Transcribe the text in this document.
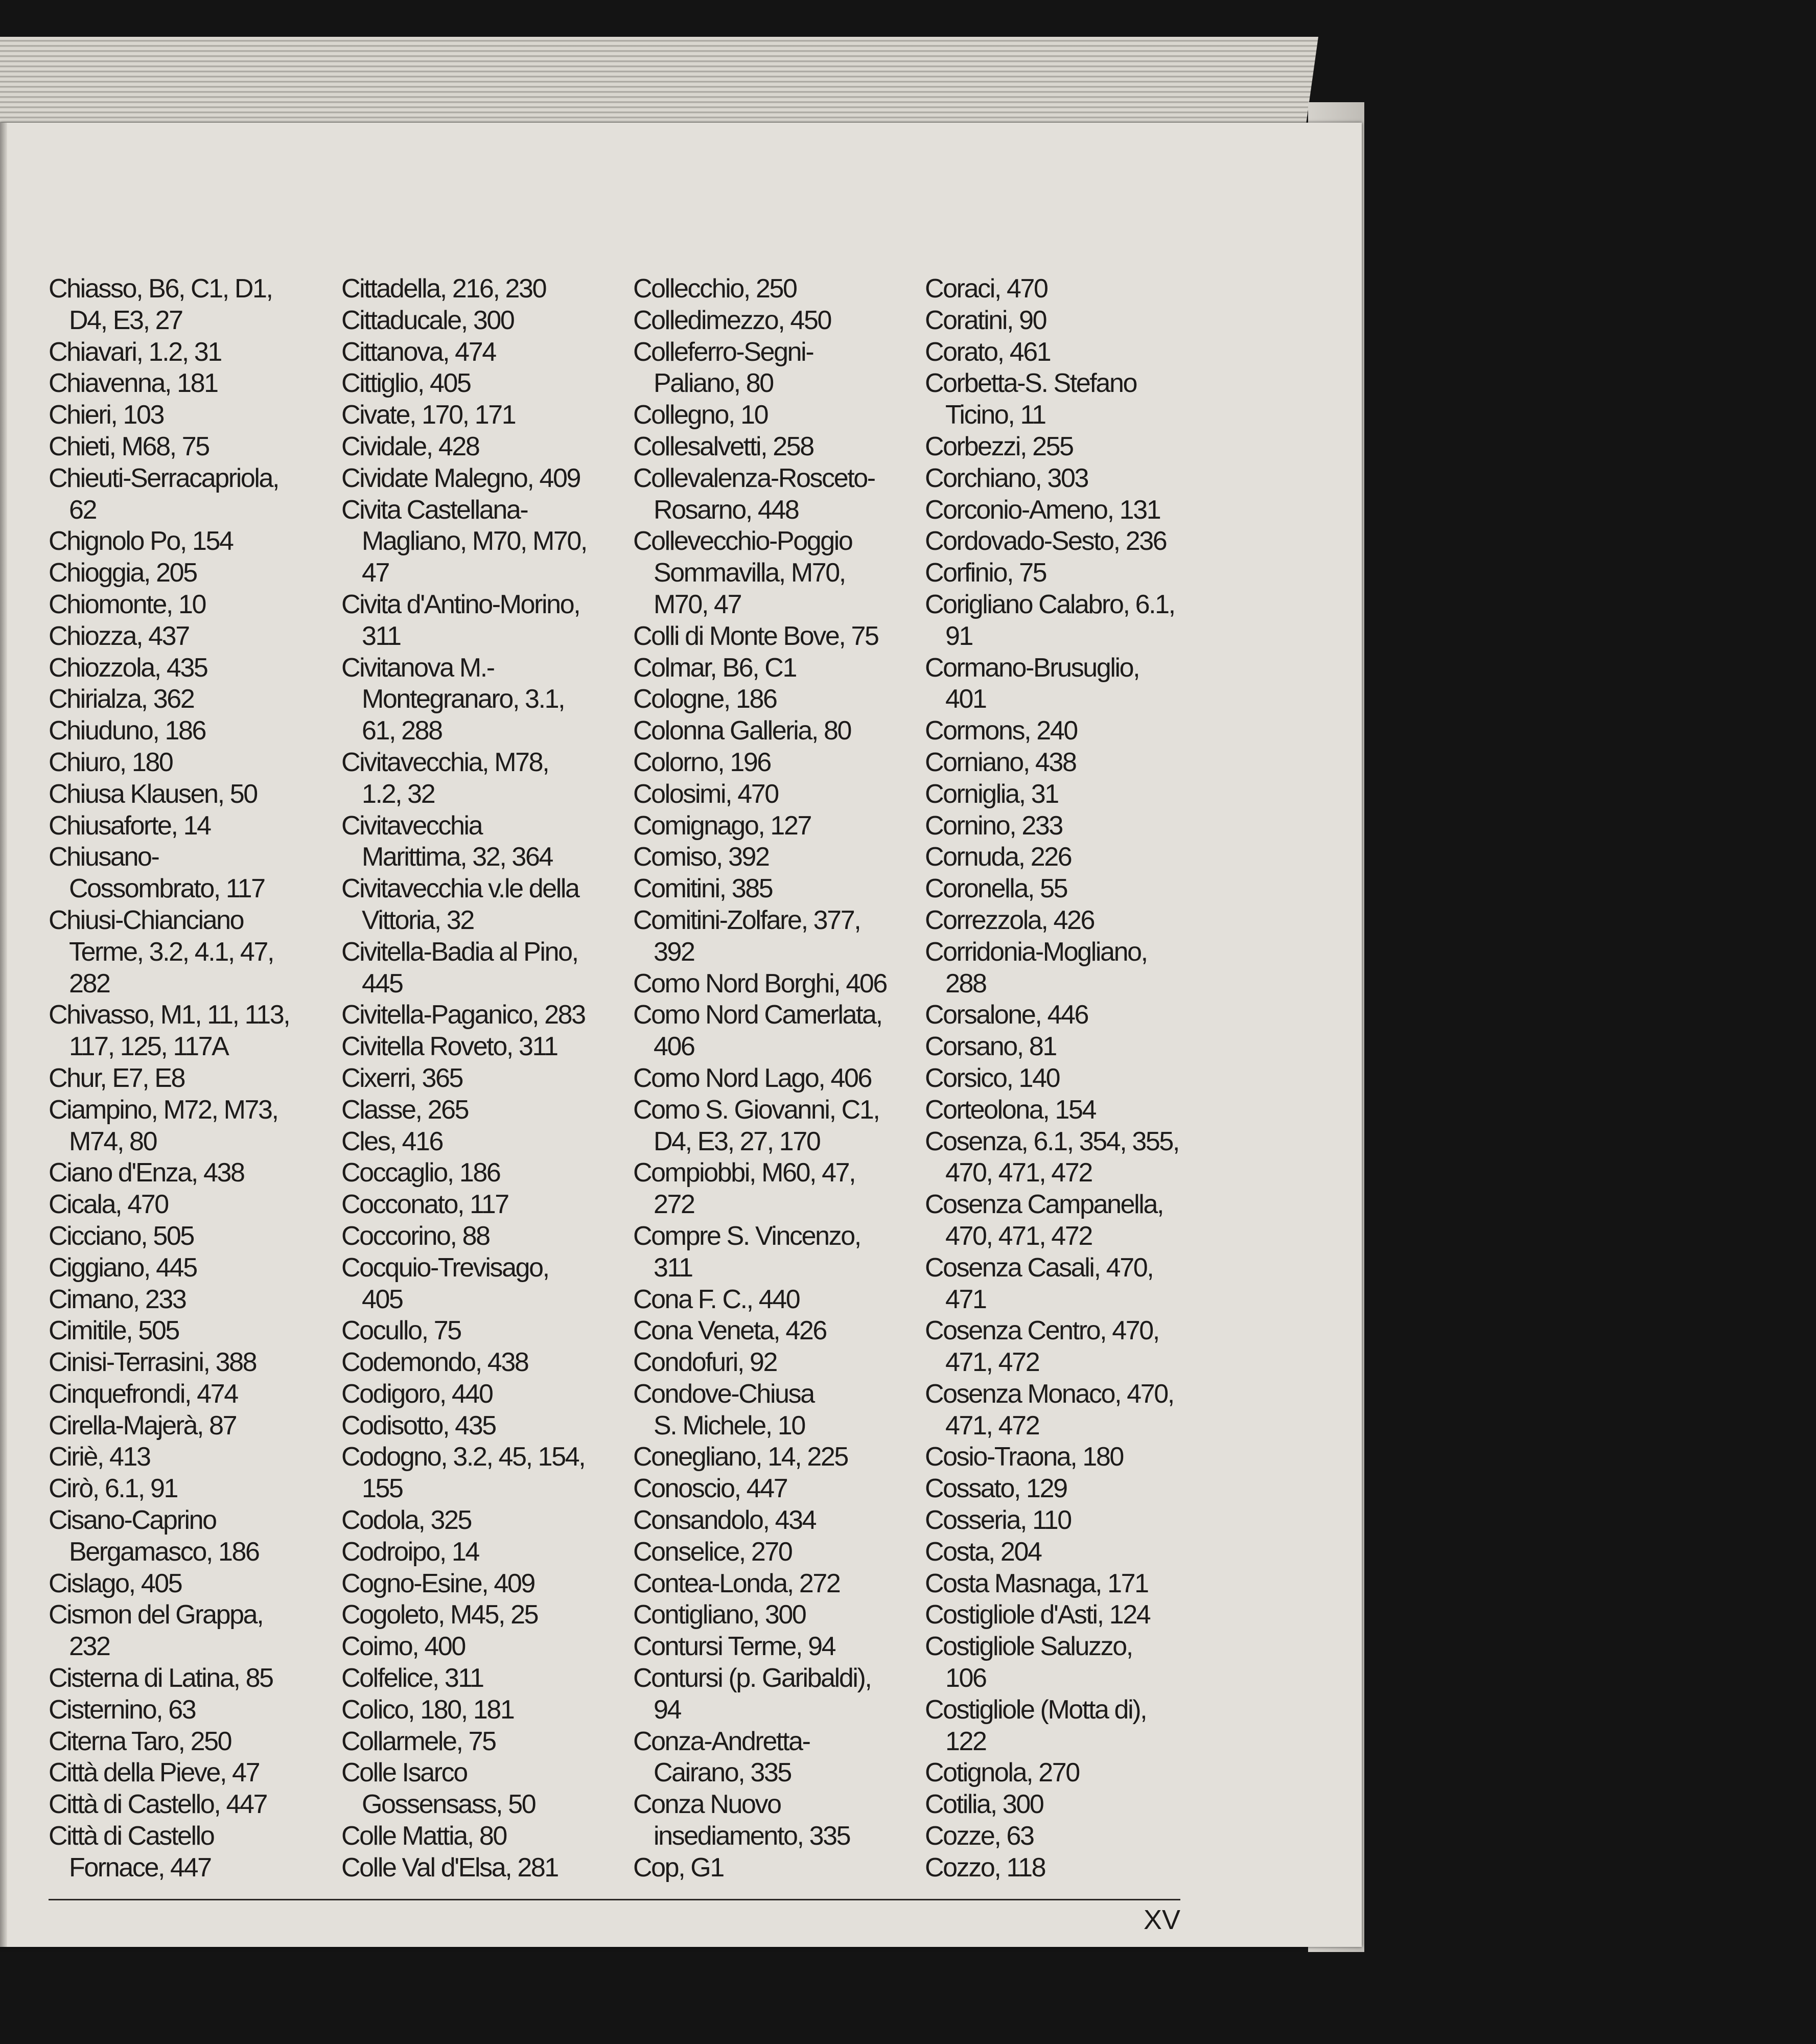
Chiasso, B6, C1, D1,
D4, E3, 27
Chiavari, 1.2, 31
Chiavenna, 181
Chieri, 103
Chieti, M68, 75
Chieuti-Serracapriola,
62
Chignolo Po, 154
Chioggia, 205
Chiomonte, 10
Chiozza, 437
Chiozzola, 435
Chirialza, 362
Chiuduno, 186
Chiuro, 180
Chiusa Klausen, 50
Chiusaforte, 14
Chiusano-
Cossombrato, 117
Chiusi-Chianciano
Terme, 3.2, 4.1, 47,
282
Chivasso, M1, 11, 113,
117, 125, 117A
Chur, E7, E8
Ciampino, M72, M73,
M74, 80
Ciano d'Enza, 438
Cicala, 470
Cicciano, 505
Ciggiano, 445
Cimano, 233
Cimitile, 505
Cinisi-Terrasini, 388
Cinquefrondi, 474
Cirella-Majerà, 87
Ciriè, 413
Cirò, 6.1, 91
Cisano-Caprino
Bergamasco, 186
Cislago, 405
Cismon del Grappa,
232
Cisterna di Latina, 85
Cisternino, 63
Citerna Taro, 250
Città della Pieve, 47
Città di Castello, 447
Città di Castello
Fornace, 447
Cittadella, 216, 230
Cittaducale, 300
Cittanova, 474
Cittiglio, 405
Civate, 170, 171
Cividale, 428
Cividate Malegno, 409
Civita Castellana-
Magliano, M70, M70,
47
Civita d'Antino-Morino,
311
Civitanova M.-
Montegranaro, 3.1,
61, 288
Civitavecchia, M78,
1.2, 32
Civitavecchia
Marittima, 32, 364
Civitavecchia v.le della
Vittoria, 32
Civitella-Badia al Pino,
445
Civitella-Paganico, 283
Civitella Roveto, 311
Cixerri, 365
Classe, 265
Cles, 416
Coccaglio, 186
Cocconato, 117
Coccorino, 88
Cocquio-Trevisago,
405
Cocullo, 75
Codemondo, 438
Codigoro, 440
Codisotto, 435
Codogno, 3.2, 45, 154,
155
Codola, 325
Codroipo, 14
Cogno-Esine, 409
Cogoleto, M45, 25
Coimo, 400
Colfelice, 311
Colico, 180, 181
Collarmele, 75
Colle Isarco
Gossensass, 50
Colle Mattia, 80
Colle Val d'Elsa, 281
Collecchio, 250
Colledimezzo, 450
Colleferro-Segni-
Paliano, 80
Collegno, 10
Collesalvetti, 258
Collevalenza-Rosceto-
Rosarno, 448
Collevecchio-Poggio
Sommavilla, M70,
M70, 47
Colli di Monte Bove, 75
Colmar, B6, C1
Cologne, 186
Colonna Galleria, 80
Colorno, 196
Colosimi, 470
Comignago, 127
Comiso, 392
Comitini, 385
Comitini-Zolfare, 377,
392
Como Nord Borghi, 406
Como Nord Camerlata,
406
Como Nord Lago, 406
Como S. Giovanni, C1,
D4, E3, 27, 170
Compiobbi, M60, 47,
272
Compre S. Vincenzo,
311
Cona F. C., 440
Cona Veneta, 426
Condofuri, 92
Condove-Chiusa
S. Michele, 10
Conegliano, 14, 225
Conoscio, 447
Consandolo, 434
Conselice, 270
Contea-Londa, 272
Contigliano, 300
Contursi Terme, 94
Contursi (p. Garibaldi),
94
Conza-Andretta-
Cairano, 335
Conza Nuovo
insediamento, 335
Cop, G1
Coraci, 470
Coratini, 90
Corato, 461
Corbetta-S. Stefano
Ticino, 11
Corbezzi, 255
Corchiano, 303
Corconio-Ameno, 131
Cordovado-Sesto, 236
Corfinio, 75
Corigliano Calabro, 6.1,
91
Cormano-Brusuglio,
401
Cormons, 240
Corniano, 438
Corniglia, 31
Cornino, 233
Cornuda, 226
Coronella, 55
Correzzola, 426
Corridonia-Mogliano,
288
Corsalone, 446
Corsano, 81
Corsico, 140
Corteolona, 154
Cosenza, 6.1, 354, 355,
470, 471, 472
Cosenza Campanella,
470, 471, 472
Cosenza Casali, 470,
471
Cosenza Centro, 470,
471, 472
Cosenza Monaco, 470,
471, 472
Cosio-Traona, 180
Cossato, 129
Cosseria, 110
Costa, 204
Costa Masnaga, 171
Costigliole d'Asti, 124
Costigliole Saluzzo,
106
Costigliole (Motta di),
122
Cotignola, 270
Cotilia, 300
Cozze, 63
Cozzo, 118
XV
